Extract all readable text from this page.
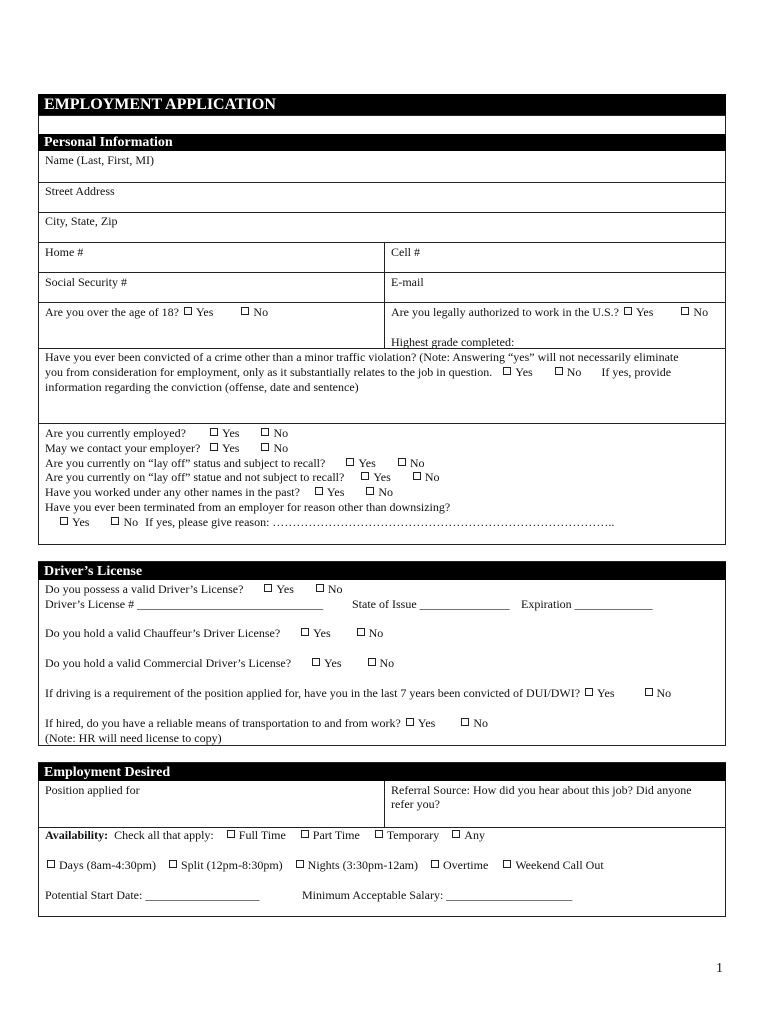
EMPLOYMENT APPLICATION
Personal Information
Name (Last, First, MI)
Street Address
City, State, Zip
Home #	Cell #
Social Security #	E-mail
Are you over the age of 18? Yes	No	Are you legally authorized to work in the U.S.? Yes	No
Highest grade completed:
Have you ever been convicted of a crime other than a minor traffic violation? (Note: Answering “yes” will not necessarily eliminate
you from consideration for employment, only as it substantially relates to the job in question. Yes	No If yes, provide
information regarding the conviction (offense, date and sentence)
Are you currently employed?	Yes	No
May we contact your employer? Yes	No
Are you currently on “lay off” status and subject to recall?	Yes	No
Are you currently on “lay off” statue and not subject to recall? Yes	No
Have you worked under any other names in the past? Yes	No
Have you ever been terminated from an employer for reason other than downsizing?
Yes	No If yes, please give reason: …………………………………………………………………………..
Driver’s License
Do you possess a valid Driver’s License?	Yes	No
Driver’s License # _______________________________ State of Issue _______________ Expiration _____________
Do you hold a valid Chauffeur’s Driver License?	Yes	No
Do you hold a valid Commercial Driver’s License?	Yes	No
If driving is a requirement of the position applied for, have you in the last 7 years been convicted of DUI/DWI? Yes	No
If hired, do you have a reliable means of transportation to and from work? Yes	No
(Note: HR will need license to copy)
Employment Desired
Position applied for	Referral Source: How did you hear about this job? Did anyone refer you?
Availability: Check all that apply: Full Time Part Time Temporary Any
Days (8am-4:30pm) Split (12pm-8:30pm) Nights (3:30pm-12am) Overtime Weekend Call Out
Potential Start Date: ___________________	Minimum Acceptable Salary: _____________________
1
